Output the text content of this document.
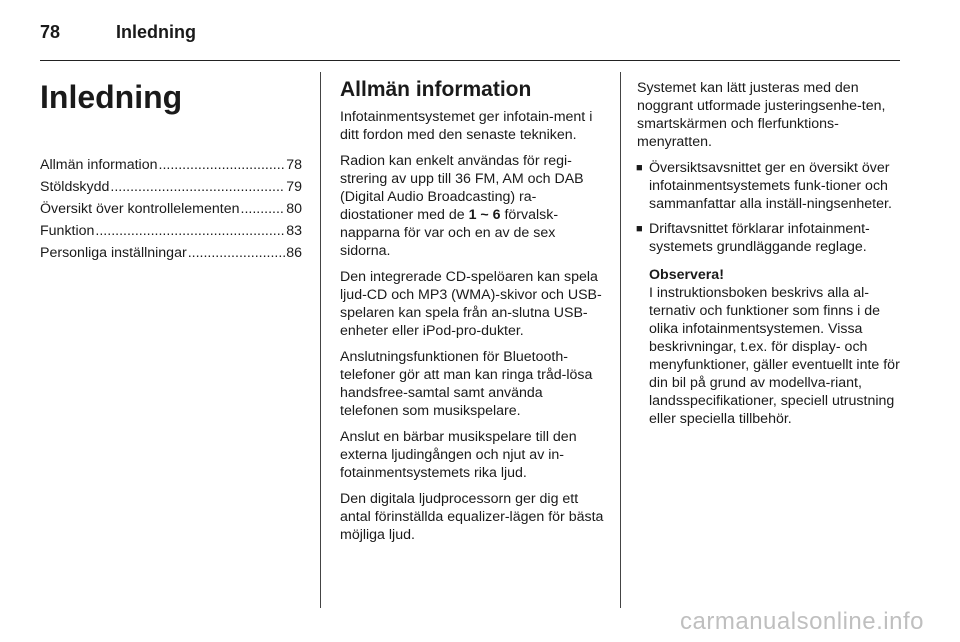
78	Inledning
Inledning
Allmän information .....	78
Stöldskydd .....	79
Översikt över kontrollelementen .....	80
Funktion .....	83
Personliga inställningar .....	86
Allmän information

Infotainmentsystemet ger infotain-ment i ditt fordon med den senaste tekniken.

Radion kan enkelt användas för regi-strering av upp till 36 FM, AM och DAB (Digital Audio Broadcasting) ra-diostationer med de 1 ~ 6 förvalsk-napparna för var och en av de sex sidorna.

Den integrerade CD-spelöaren kan spela ljud-CD och MP3 (WMA)-skivor och USB-spelaren kan spela från an-slutna USB-enheter eller iPod-pro-dukter.

Anslutningsfunktionen för Bluetooth-telefoner gör att man kan ringa tråd-lösa handsfree-samtal samt använda telefonen som musikspelare.

Anslut en bärbar musikspelare till den externa ljudingången och njut av in-fotainmentsystemets rika ljud.

Den digitala ljudprocessorn ger dig ett antal förinställda equalizer-lägen för bästa möjliga ljud.

Systemet kan lätt justeras med den noggrant utformade justeringsenhe-ten, smartskärmen och flerfunktions-menyratten.

■ Översiktsavsnittet ger en översikt över infotainmentsystemets funk-tioner och sammanfattar alla inställ-ningsenheter.
■ Driftavsnittet förklarar infotainment-systemets grundläggande reglage.
Observera!
I instruktionsboken beskrivs alla al-ternativ och funktioner som finns i de olika infotainmentsystemen. Vissa beskrivningar, t.ex. för display- och menyfunktioner, gäller eventuellt inte för din bil på grund av modellva-riant, landsspecifikationer, speciell utrustning eller speciella tillbehör.
carmanualsonline.info
